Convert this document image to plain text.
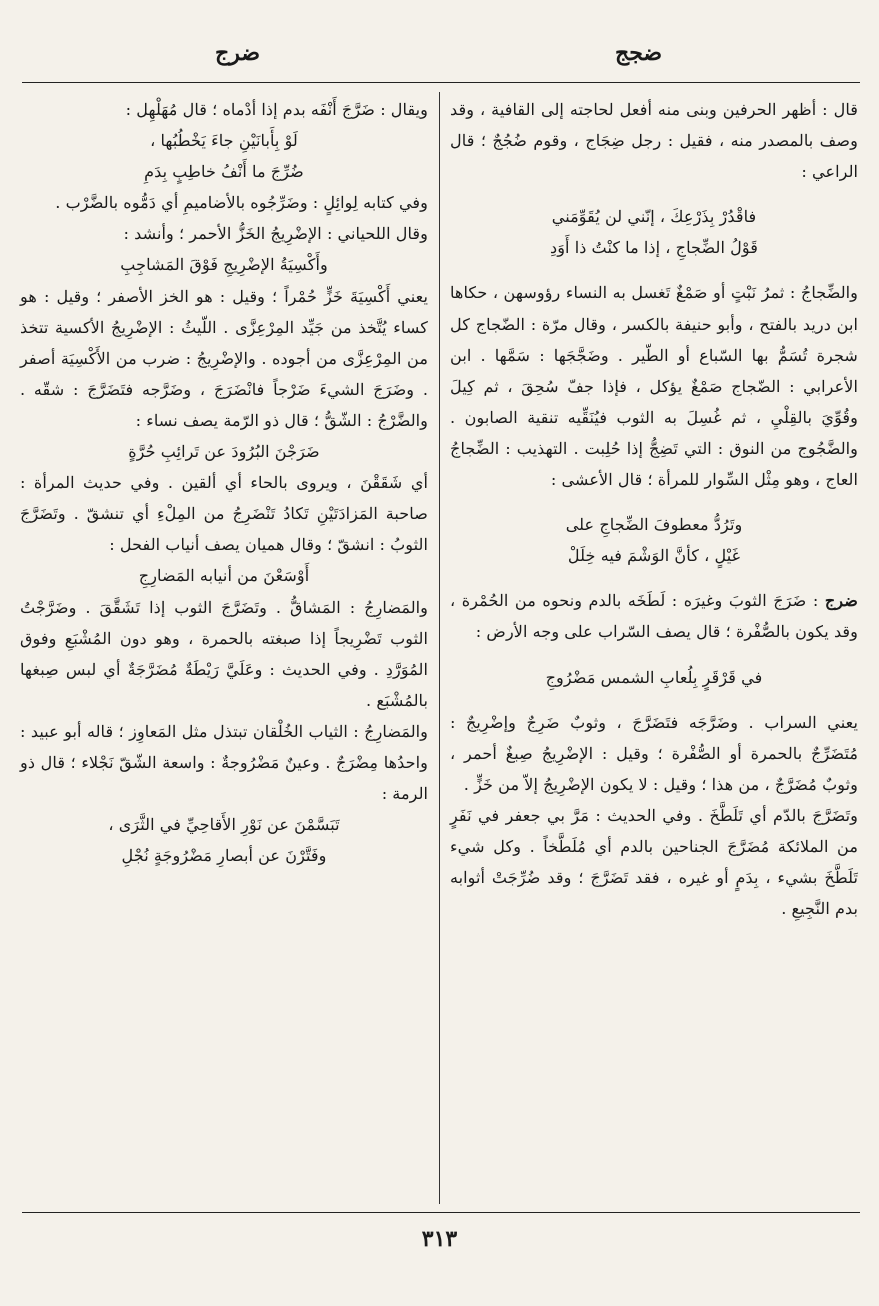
ضجج
ضرج

قال : أظهر الحرفين وبنى منه أفعل لحاجته إلى القافية ، وقد وصف بالمصدر منه ، فقيل : رجل ضِجَاج ، وقوم ضُجُجٌ ؛ قال الراعي :

فاقْدُرْ بِذَرْعِكَ ، إنّني لن يُقَوِّمَني

قَوْلُ الضِّجاجِ ، إذا ما كنْتُ ذا أَوَدِ

والضِّجاجُ : ثمرُ نَبْتٍ أو صَمْغٌ تَغسل به النساء رؤوسهن ، حكاها ابن دريد بالفتح ، وأبو حنيفة بالكسر ، وقال مرّة : الضّجاج كل شجرة تُسَمُّ بها السّباع أو الطّير . وضَجَّجَها : سَمَّها . ابن الأعرابي : الضّجاج صَمْغٌ يؤكل ، فإذا جفّ سُحِقَ ، ثم كِيلَ وقُوِّيَ بالقِلْيِ ، ثم غُسِلَ به الثوب فيُنَقِّيه تنقية الصابون . والضَّجُوج من النوق : التي تَضِجُّ إذا حُلِبت . التهذيب : الضِّجاجُ العاج ، وهو مِثْل السِّوار للمرأة ؛ قال الأعشى :

وتَرُدُّ معطوفَ الضِّجاجِ على

غَيْلٍ ، كأنَّ الوَشْمَ فيه خِلَلْ

ضرج : ضَرَجَ الثوبَ وغيرَه : لَطَخَه بالدم ونحوه من الحُمْرة ، وقد يكون بالصُّفْرة ؛ قال يصف السّراب على وجه الأرض :

في قَرْقَرٍ بِلُعابِ الشمس مَضْرُوجِ

يعني السراب . وضَرَّجَه فتَضَرَّجَ ، وثوبٌ ضَرِجٌ وإضْرِيجٌ : مُتَضَرِّجٌ بالحمرة أو الصُّفْرة ؛ وقيل : الإضْرِيجُ صِبغٌ أحمر ، وثوبٌ مُضَرَّجٌ ، من هذا ؛ وقيل : لا يكون الإضْرِيجُ إلاّ من خَزٍّ .

وتَضَرَّجَ بالدّم أي تَلَطَّخَ . وفي الحديث : مَرَّ بي جعفر في نَفَرٍ من الملائكة مُضَرَّجَ الجناحين بالدم أي مُلَطَّخاً . وكل شيء تَلَطَّخَ بشيء ، بِدَمٍ أو غيره ، فقد تَضَرَّجَ ؛ وقد ضُرِّجَتْ أثوابه بدم النَّجِيعِ .

ويقال : ضَرَّجَ أَنْفَه بدم إذا أدْماه ؛ قال مُهَلْهِل :

لَوْ بِأَبانَيْنِ جاءَ يَخْطُبُها ،

ضُرِّجَ ما أَنْفُ خاطِبٍ بِدَمِ

وفي كتابه لِوائِلٍ : وضَرِّجُوه بالأضاميمِ أي دَمُّوه بالضَّرْب .

وقال اللحياني : الإضْرِيجُ الخَزُّ الأحمر ؛ وأنشد :

وأَكْسِيَةُ الإضْرِيجِ فَوْقَ المَشاجِبِ

يعني أَكْسِيَةَ خَزٍّ حُمْراً ؛ وقيل : هو الخز الأصفر ؛ وقيل : هو كساء يُتَّخذ من جَيِّد المِرْعِزَّى . اللّيثُ : الإضْرِيجُ الأكسية تتخذ من المِرْعِزَّى من أجوده . والإضْرِيجُ : ضرب من الأَكْسِيَة أصفر . وضَرَجَ الشيءَ ضَرْجاً فانْضَرَجَ ، وضَرَّجه فتَضَرَّجَ : شقّه . والضَّرْجُ : الشّقُّ ؛ قال ذو الرّمة يصف نساء :

ضَرَجْنَ البُرُودَ عن تَرائِبِ حُرَّةٍ

أي شَقَقْنَ ، ويروى بالحاء أي ألقين . وفي حديث المرأة : صاحبة المَزادَتَيْنِ تَكادُ تَنْضَرِجُ من المِلْءِ أي تنشقّ . وتَضَرَّجَ الثوبُ : انشقّ ؛ وقال هميان يصف أنياب الفحل :

أَوْسَعْنَ من أنيابه المَضارِجِ

والمَضارِجُ : المَشاقُّ . وتَضَرَّجَ الثوب إذا تَشَقَّقَ . وضَرَّجْتُ الثوب تَضْرِيجاً إذا صبغته بالحمرة ، وهو دون المُشْبَعِ وفوق المُوَرَّدِ . وفي الحديث : وعَلَيَّ رَيْطَةٌ مُضَرَّجَةٌ أي لبس صِبغها بالمُشْبَع .

والمَضارِجُ : الثياب الخُلْقان تبتذل مثل المَعاوِز ؛ قاله أبو عبيد : واحدُها مِضْرَجٌ . وعينٌ مَضْرُوجةٌ : واسعة الشّقّ نَجْلاء ؛ قال ذو الرمة :

تَبَسَّمْنَ عن نَوْرِ الأَقاحِيِّ في الثَّرَى ،

وفَتَّرْنَ عن أبصارِ مَضْرُوجَةٍ نُجْلِ

٣١٣
